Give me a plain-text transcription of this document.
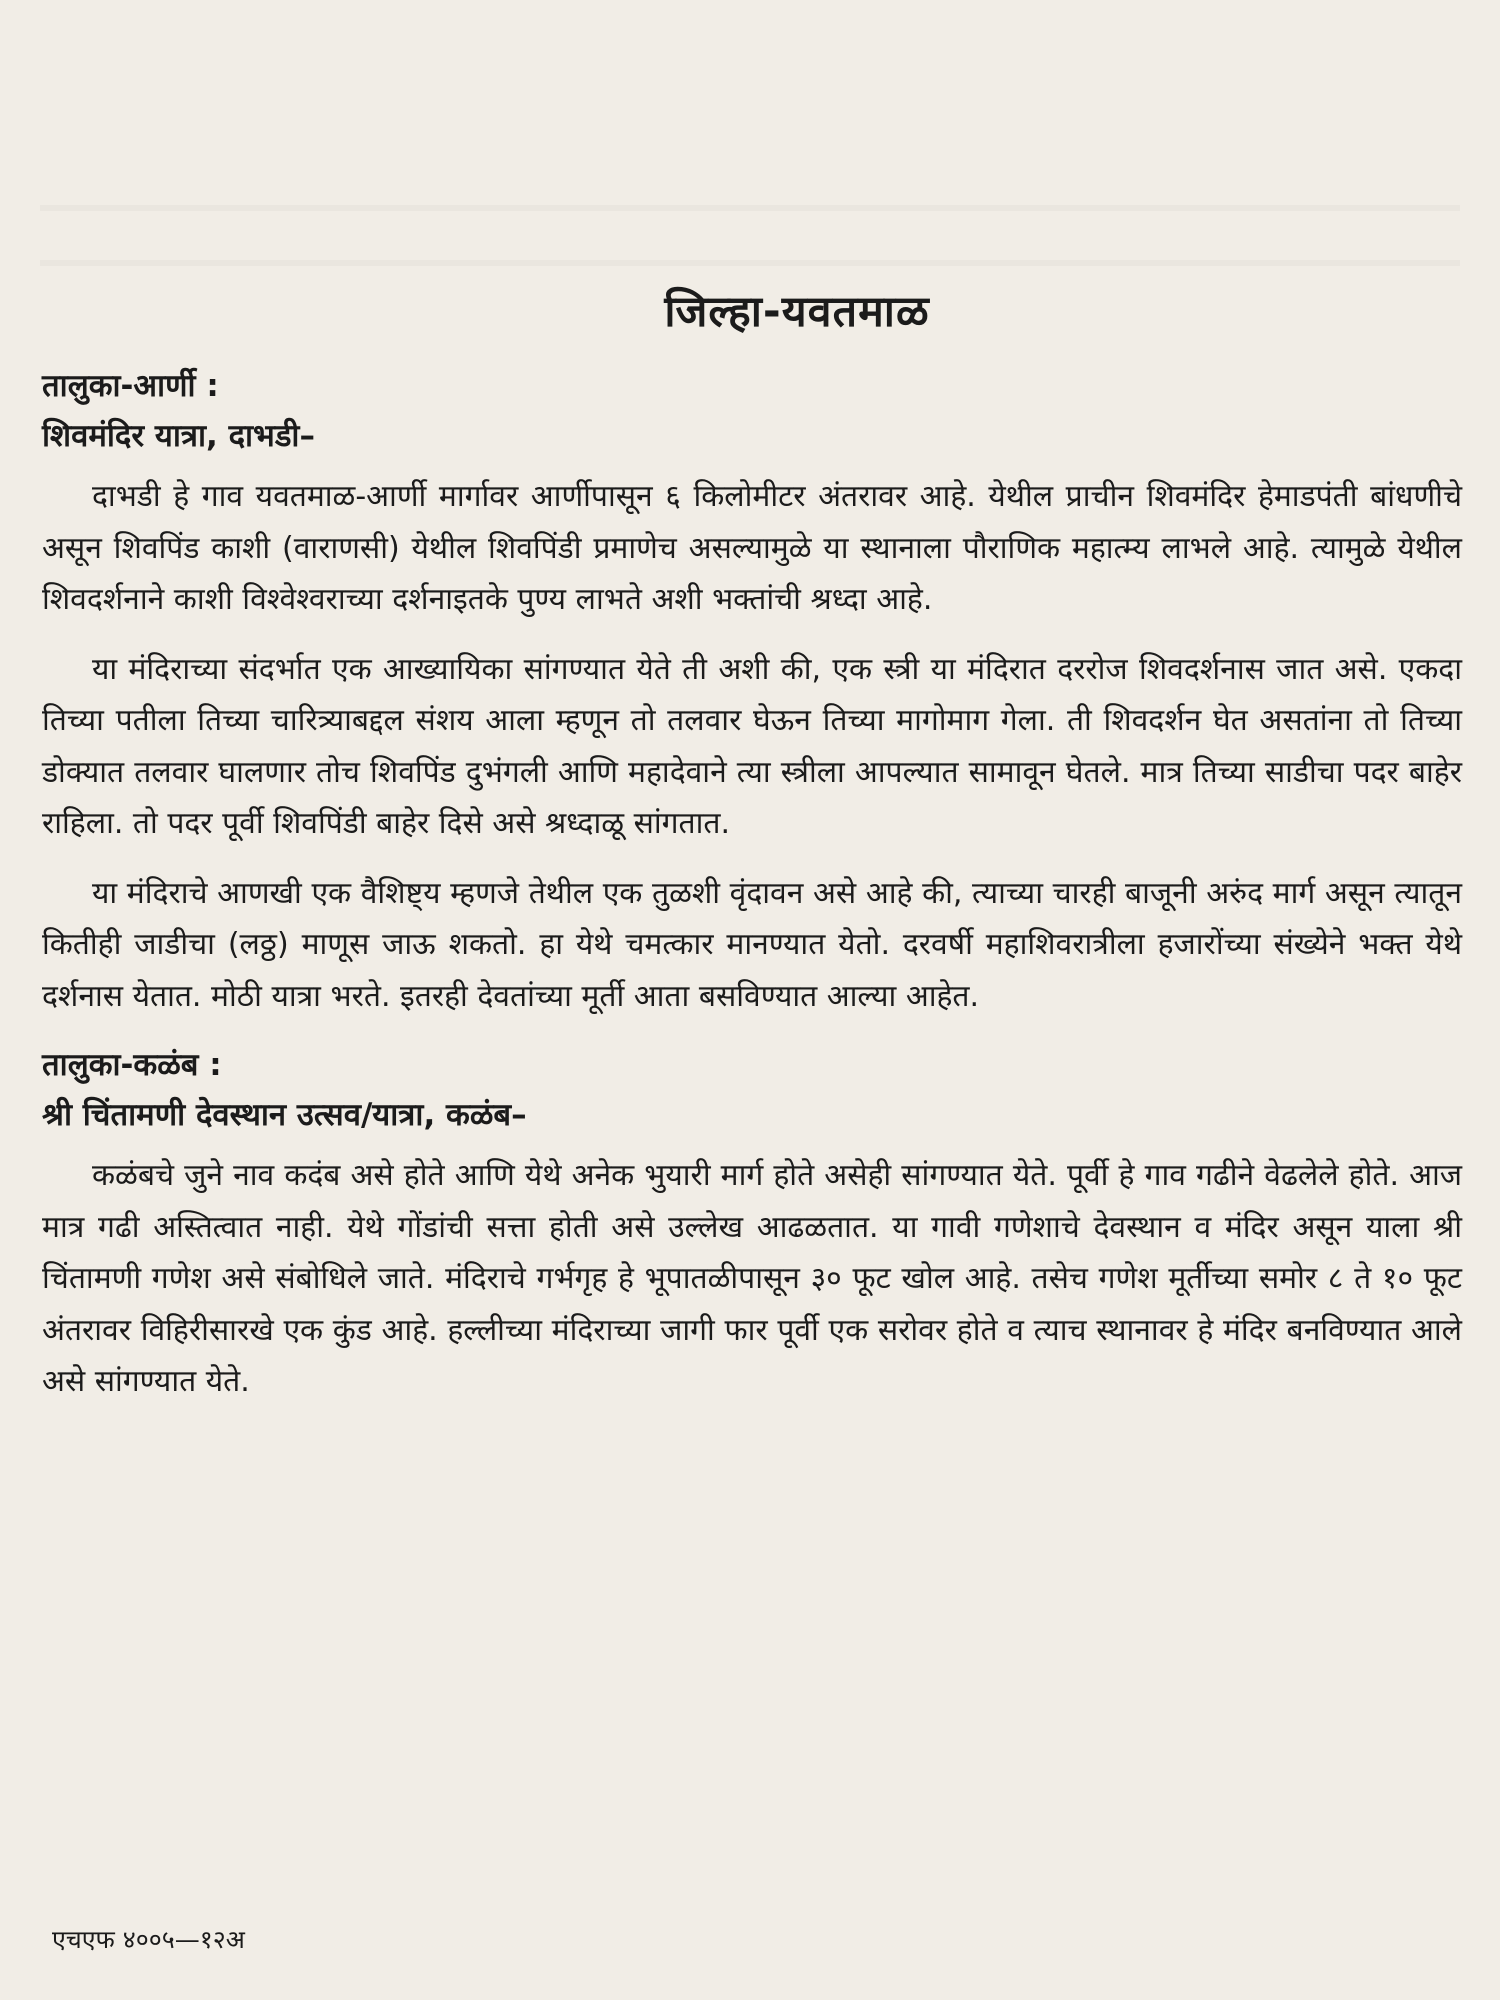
जिल्हा-यवतमाळ
तालुका-आर्णी :
शिवमंदिर यात्रा, दाभडी–

दाभडी हे गाव यवतमाळ-आर्णी मार्गावर आर्णीपासून ६ किलोमीटर अंतरावर आहे. येथील प्राचीन शिवमंदिर हेमाडपंती बांधणीचे असून शिवपिंड काशी (वाराणसी) येथील शिवपिंडी प्रमाणेच असल्यामुळे या स्थानाला पौराणिक महात्म्य लाभले आहे. त्यामुळे येथील शिवदर्शनाने काशी विश्वेश्वराच्या दर्शनाइतके पुण्य लाभते अशी भक्तांची श्रध्दा आहे.

या मंदिराच्या संदर्भात एक आख्यायिका सांगण्यात येते ती अशी की, एक स्त्री या मंदिरात दररोज शिवदर्शनास जात असे. एकदा तिच्या पतीला तिच्या चारित्र्याबद्दल संशय आला म्हणून तो तलवार घेऊन तिच्या मागोमाग गेला. ती शिवदर्शन घेत असतांना तो तिच्या डोक्यात तलवार घालणार तोच शिवपिंड दुभंगली आणि महादेवाने त्या स्त्रीला आपल्यात सामावून घेतले. मात्र तिच्या साडीचा पदर बाहेर राहिला. तो पदर पूर्वी शिवपिंडी बाहेर दिसे असे श्रध्दाळू सांगतात.

या मंदिराचे आणखी एक वैशिष्ट्य म्हणजे तेथील एक तुळशी वृंदावन असे आहे की, त्याच्या चारही बाजूनी अरुंद मार्ग असून त्यातून कितीही जाडीचा (लठ्ठ) माणूस जाऊ शकतो. हा येथे चमत्कार मानण्यात येतो. दरवर्षी महाशिवरात्रीला हजारोंच्या संख्येने भक्त येथे दर्शनास येतात. मोठी यात्रा भरते. इतरही देवतांच्या मूर्ती आता बसविण्यात आल्या आहेत.

तालुका-कळंब :
श्री चिंतामणी देवस्थान उत्सव/यात्रा, कळंब–

कळंबचे जुने नाव कदंब असे होते आणि येथे अनेक भुयारी मार्ग होते असेही सांगण्यात येते. पूर्वी हे गाव गढीने वेढलेले होते. आज मात्र गढी अस्तित्वात नाही. येथे गोंडांची सत्ता होती असे उल्लेख आढळतात. या गावी गणेशाचे देवस्थान व मंदिर असून याला श्री चिंतामणी गणेश असे संबोधिले जाते. मंदिराचे गर्भगृह हे भूपातळीपासून ३० फूट खोल आहे. तसेच गणेश मूर्तीच्या समोर ८ ते १० फूट अंतरावर विहिरीसारखे एक कुंड आहे. हल्लीच्या मंदिराच्या जागी फार पूर्वी एक सरोवर होते व त्याच स्थानावर हे मंदिर बनविण्यात आले असे सांगण्यात येते.

एचएफ ४००५—१२अ
